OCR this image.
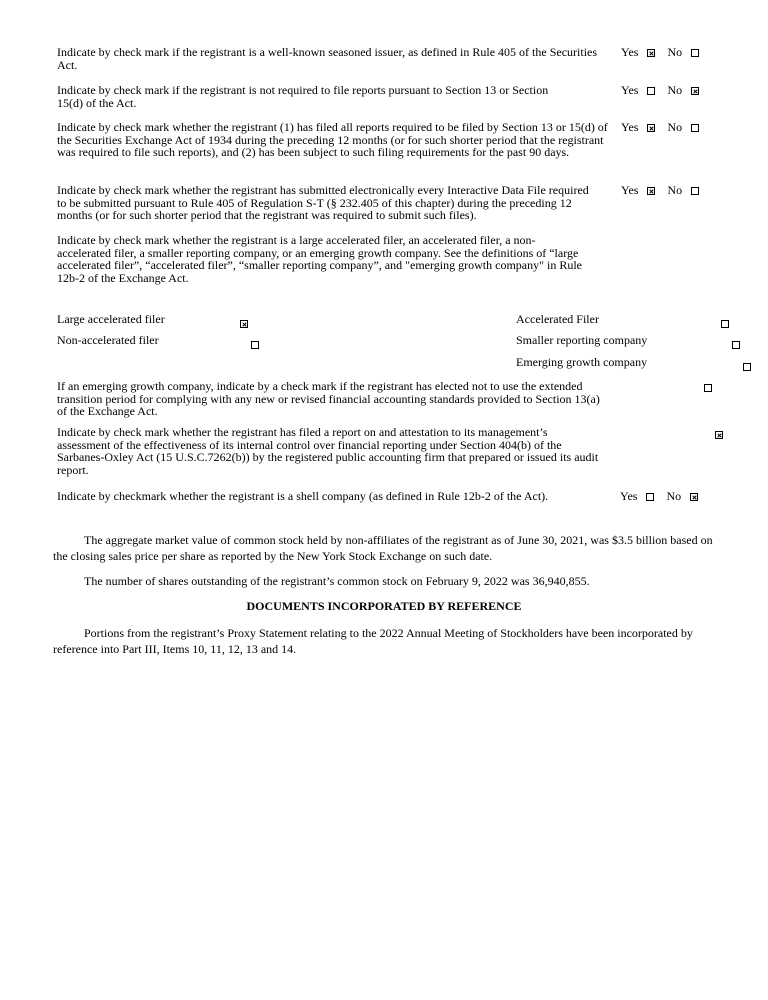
Indicate by check mark if the registrant is a well-known seasoned issuer, as defined in Rule 405 of the Securities Act.
Yes No
Indicate by check mark if the registrant is not required to file reports pursuant to Section 13 or Section 15(d) of the Act.
Yes No
Indicate by check mark whether the registrant (1) has filed all reports required to be filed by Section 13 or 15(d) of the Securities Exchange Act of 1934 during the preceding 12 months (or for such shorter period that the registrant was required to file such reports), and (2) has been subject to such filing requirements for the past 90 days.
Yes No
Indicate by check mark whether the registrant has submitted electronically every Interactive Data File required to be submitted pursuant to Rule 405 of Regulation S-T (§ 232.405 of this chapter) during the preceding 12 months (or for such shorter period that the registrant was required to submit such files).
Yes No
Indicate by check mark whether the registrant is a large accelerated filer, an accelerated filer, a non-accelerated filer, a smaller reporting company, or an emerging growth company. See the definitions of “large accelerated filer”, “accelerated filer”, “smaller reporting company”, and "emerging growth company" in Rule 12b-2 of the Exchange Act.
Large accelerated filer

Non-accelerated filer

Accelerated Filer

Smaller reporting company

Emerging growth company

If an emerging growth company, indicate by a check mark if the registrant has elected not to use the extended transition period for complying with any new or revised financial accounting standards provided to Section 13(a) of the Exchange Act.

Indicate by check mark whether the registrant has filed a report on and attestation to its management’s assessment of the effectiveness of its internal control over financial reporting under Section 404(b) of the Sarbanes-Oxley Act (15 U.S.C.7262(b)) by the registered public accounting firm that prepared or issued its audit report.
Indicate by checkmark whether the registrant is a shell company (as defined in Rule 12b-2 of the Act).	Yes No
The aggregate market value of common stock held by non-affiliates of the registrant as of June 30, 2021, was $3.5 billion based on the closing sales price per share as reported by the New York Stock Exchange on such date.
The number of shares outstanding of the registrant’s common stock on February 9, 2022 was 36,940,855.
DOCUMENTS INCORPORATED BY REFERENCE
Portions from the registrant’s Proxy Statement relating to the 2022 Annual Meeting of Stockholders have been incorporated by reference into Part III, Items 10, 11, 12, 13 and 14.
